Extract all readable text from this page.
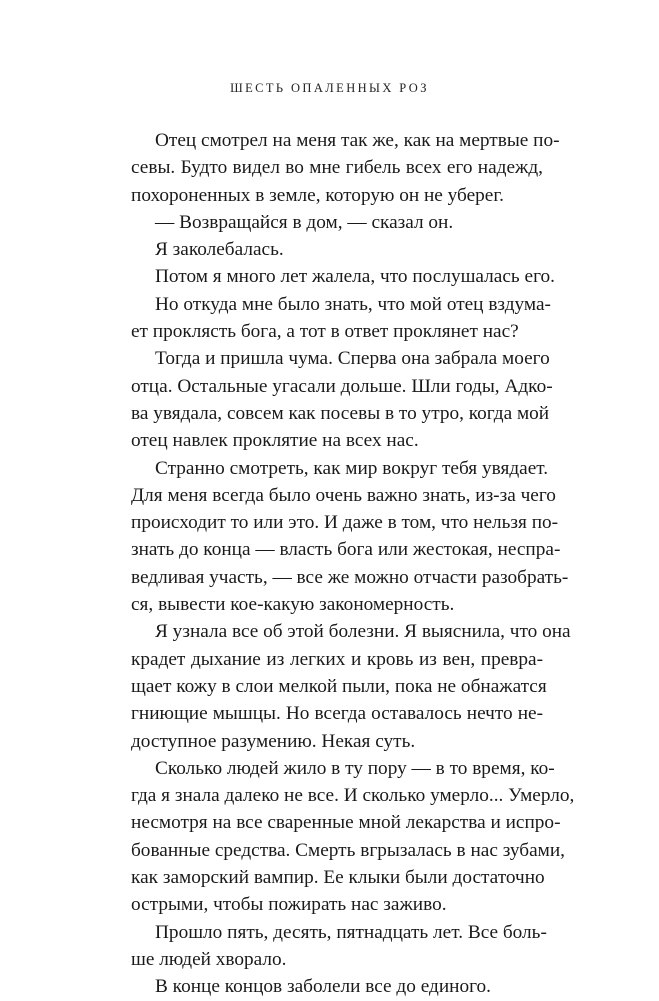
ШЕСТЬ ОПАЛЕННЫХ РОЗ
Отец смотрел на меня так же, как на мертвые по-
севы. Будто видел во мне гибель всех его надежд,
похороненных в земле, которую он не уберег.
— Возвращайся в дом, — сказал он.
Я заколебалась.
Потом я много лет жалела, что послушалась его.
Но откуда мне было знать, что мой отец вздума-
ет проклясть бога, а тот в ответ проклянет нас?
Тогда и пришла чума. Сперва она забрала моего
отца. Остальные угасали дольше. Шли годы, Адко-
ва увядала, совсем как посевы в то утро, когда мой
отец навлек проклятие на всех нас.
Странно смотреть, как мир вокруг тебя увядает.
Для меня всегда было очень важно знать, из-за чего
происходит то или это. И даже в том, что нельзя по-
знать до конца — власть бога или жестокая, неспра-
ведливая участь, — все же можно отчасти разобрать-
ся, вывести кое-какую закономерность.
Я узнала все об этой болезни. Я выяснила, что она
крадет дыхание из легких и кровь из вен, превра-
щает кожу в слои мелкой пыли, пока не обнажатся
гниющие мышцы. Но всегда оставалось нечто не-
доступное разумению. Некая суть.
Сколько людей жило в ту пору — в то время, ко-
гда я знала далеко не все. И сколько умерло... Умерло,
несмотря на все сваренные мной лекарства и испро-
бованные средства. Смерть вгрызалась в нас зубами,
как заморский вампир. Ее клыки были достаточно
острыми, чтобы пожирать нас заживо.
Прошло пять, десять, пятнадцать лет. Все боль-
ше людей хворало.
В конце концов заболели все до единого.
